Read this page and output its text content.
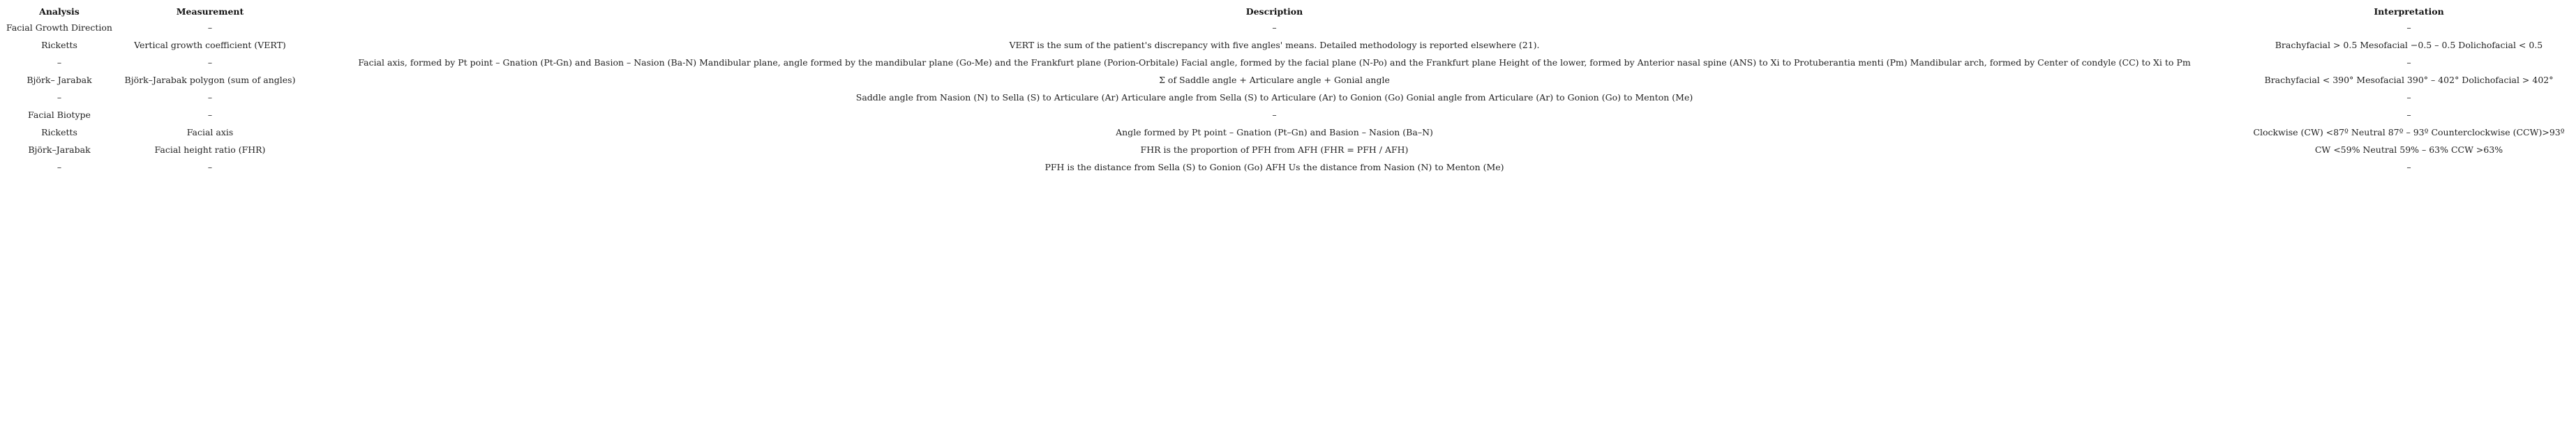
Analysis	Measurement	Description	Interpretation
Facial Growth Direction	–	–	–
Ricketts	Vertical growth coefficient (VERT)	VERT is the sum of the patient's discrepancy with five angles' means. Detailed methodology is reported elsewhere (21).	Brachyfacial > 0.5 Mesofacial −0.5 – 0.5 Dolichofacial < 0.5
–	–	Facial axis, formed by Pt point – Gnation (Pt-Gn) and Basion – Nasion (Ba-N) Mandibular plane, angle formed by the mandibular plane (Go-Me) and the Frankfurt plane (Porion-Orbitale) Facial angle, formed by the facial plane (N-Po) and the Frankfurt plane Height of the lower, formed by Anterior nasal spine (ANS) to Xi to Protuberantia menti (Pm) Mandibular arch, formed by Center of condyle (CC) to Xi to Pm	–
Björk– Jarabak	Björk–Jarabak polygon (sum of angles)	Σ of Saddle angle + Articulare angle + Gonial angle	Brachyfacial < 390° Mesofacial 390° – 402° Dolichofacial > 402°
–	–	Saddle angle from Nasion (N) to Sella (S) to Articulare (Ar) Articulare angle from Sella (S) to Articulare (Ar) to Gonion (Go) Gonial angle from Articulare (Ar) to Gonion (Go) to Menton (Me)	–
Facial Biotype	–	–	–
Ricketts	Facial axis	Angle formed by Pt point – Gnation (Pt–Gn) and Basion – Nasion (Ba–N)	Clockwise (CW) <87º Neutral 87º – 93º Counterclockwise (CCW)>93º
Björk–Jarabak	Facial height ratio (FHR)	FHR is the proportion of PFH from AFH (FHR = PFH / AFH)	CW <59% Neutral 59% – 63% CCW >63%
–	–	PFH is the distance from Sella (S) to Gonion (Go) AFH Us the distance from Nasion (N) to Menton (Me)	–
